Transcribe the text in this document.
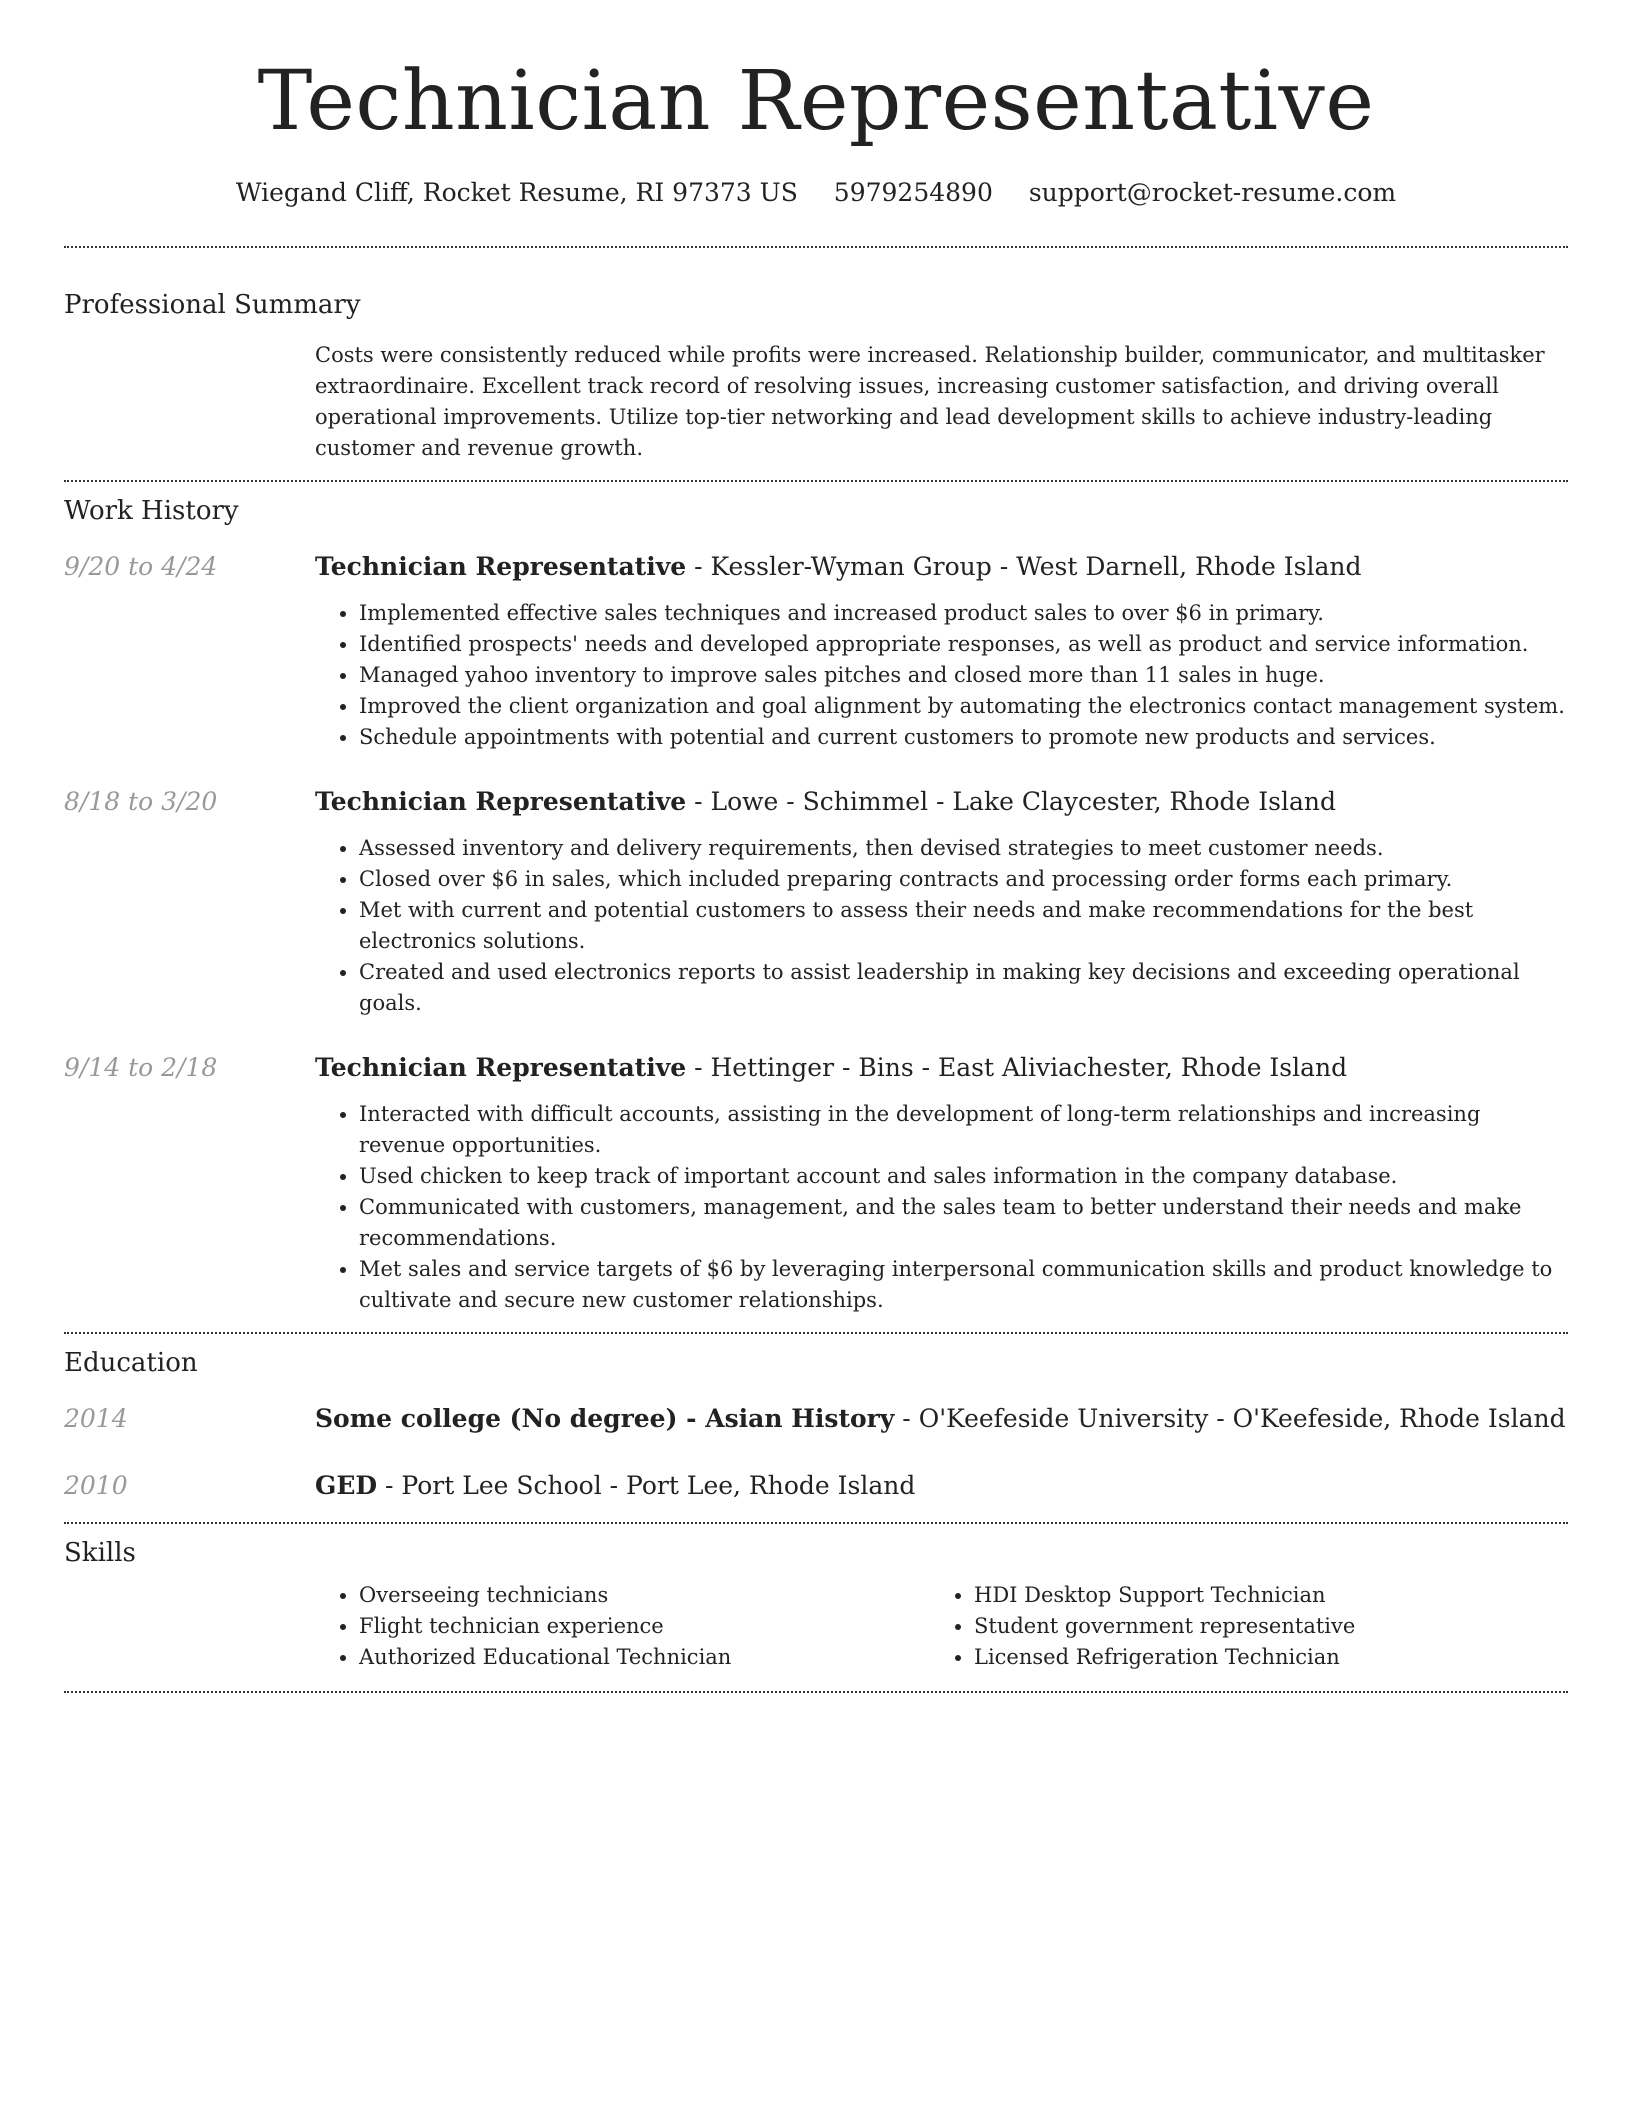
Technician Representative
Wiegand Cliff, Rocket Resume, RI 97373 US 5979254890 support@rocket-resume.com
Professional Summary
Costs were consistently reduced while profits were increased. Relationship builder, communicator, and multitasker extraordinaire. Excellent track record of resolving issues, increasing customer satisfaction, and driving overall operational improvements. Utilize top-tier networking and lead development skills to achieve industry-leading customer and revenue growth.
Work History
9/20 to 4/24	Technician Representative - Kessler-Wyman Group - West Darnell, Rhode Island
• Implemented effective sales techniques and increased product sales to over $6 in primary.
• Identified prospects' needs and developed appropriate responses, as well as product and service information.
• Managed yahoo inventory to improve sales pitches and closed more than 11 sales in huge.
• Improved the client organization and goal alignment by automating the electronics contact management system.
• Schedule appointments with potential and current customers to promote new products and services.
8/18 to 3/20	Technician Representative - Lowe - Schimmel - Lake Claycester, Rhode Island
• Assessed inventory and delivery requirements, then devised strategies to meet customer needs.
• Closed over $6 in sales, which included preparing contracts and processing order forms each primary.
• Met with current and potential customers to assess their needs and make recommendations for the best electronics solutions.
• Created and used electronics reports to assist leadership in making key decisions and exceeding operational goals.
9/14 to 2/18	Technician Representative - Hettinger - Bins - East Aliviachester, Rhode Island
• Interacted with difficult accounts, assisting in the development of long-term relationships and increasing revenue opportunities.
• Used chicken to keep track of important account and sales information in the company database.
• Communicated with customers, management, and the sales team to better understand their needs and make recommendations.
• Met sales and service targets of $6 by leveraging interpersonal communication skills and product knowledge to cultivate and secure new customer relationships.
Education
2014	Some college (No degree) - Asian History - O'Keefeside University - O'Keefeside, Rhode Island
2010	GED - Port Lee School - Port Lee, Rhode Island
Skills
• Overseeing technicians
• Flight technician experience
• Authorized Educational Technician
• HDI Desktop Support Technician
• Student government representative
• Licensed Refrigeration Technician
